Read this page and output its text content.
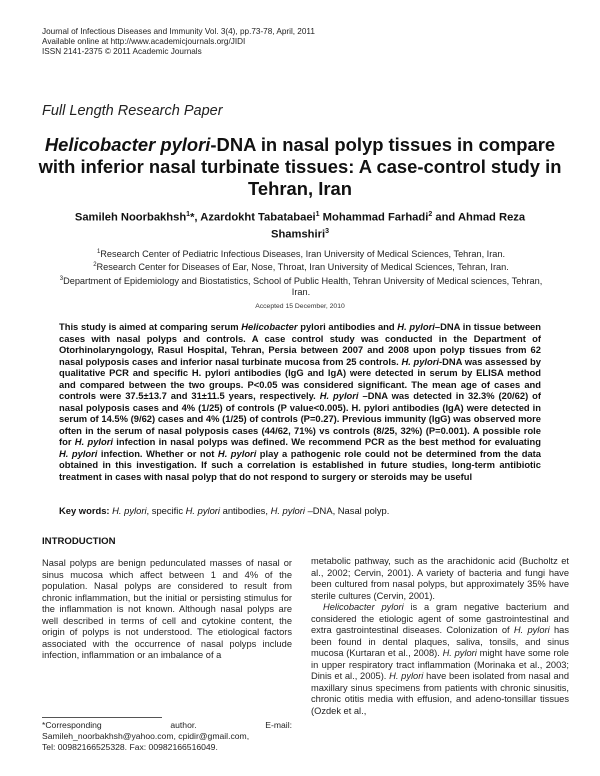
Journal of Infectious Diseases and Immunity Vol. 3(4), pp.73-78, April, 2011
Available online at http://www.academicjournals.org/JIDI
ISSN 2141-2375 © 2011 Academic Journals
Full Length Research Paper
Helicobacter pylori-DNA in nasal polyp tissues in compare with inferior nasal turbinate tissues: A case-control study in Tehran, Iran
Samileh Noorbakhsh$^1$*, Azardokht Tabatabaei$^1$ Mohammad Farhadi$^2$ and Ahmad Reza Shamshiri$^3$
$^1$Research Center of Pediatric Infectious Diseases, Iran University of Medical Sciences, Tehran, Iran.
$^2$Research Center for Diseases of Ear, Nose, Throat, Iran University of Medical Sciences, Tehran, Iran.
$^3$Department of Epidemiology and Biostatistics, School of Public Health, Tehran University of Medical sciences, Tehran, Iran.
Accepted 15 December, 2010
This study is aimed at comparing serum Helicobacter pylori antibodies and H. pylori–DNA in tissue between cases with nasal polyps and controls. A case control study was conducted in the Department of Otorhinolaryngology, Rasul Hospital, Tehran, Persia between 2007 and 2008 upon polyp tissues from 62 nasal polyposis cases and inferior nasal turbinate mucosa from 25 controls. H. pylori-DNA was assessed by qualitative PCR and specific H. pylori antibodies (IgG and IgA) were detected in serum by ELISA method and compared between the two groups. P<0.05 was considered significant. The mean age of cases and controls were 37.5±13.7 and 31±11.5 years, respectively. H. pylori –DNA was detected in 32.3% (20/62) of nasal polyposis cases and 4% (1/25) of controls (P value<0.005). H. pylori antibodies (IgA) were detected in serum of 14.5% (9/62) cases and 4% (1/25) of controls (P=0.27). Previous immunity (IgG) was observed more often in the serum of nasal polyposis cases (44/62, 71%) vs controls (8/25, 32%) (P=0.001). A possible role for H. pylori infection in nasal polyps was defined. We recommend PCR as the best method for evaluating H. pylori infection. Whether or not H. pylori play a pathogenic role could not be determined from the data obtained in this investigation. If such a correlation is established in future studies, long-term antibiotic treatment in cases with nasal polyp that do not respond to surgery or steroids may be useful
Key words: H. pylori, specific H. pylori antibodies, H. pylori –DNA, Nasal polyp.
INTRODUCTION

Nasal polyps are benign pedunculated masses of nasal or sinus mucosa which affect between 1 and 4% of the population. Nasal polyps are considered to result from chronic inflammation, but the initial or persisting stimulus for the inflammation is not known. Although nasal polyps are well described in terms of cell and cytokine content, the origin of polyps is not understood. The etiological factors associated with the occurrence of nasal polyps include infection, inflammation or an imbalance of a

metabolic pathway, such as the arachidonic acid (Bucholtz et al., 2002; Cervin, 2001). A variety of bacteria and fungi have been cultured from nasal polyps, but approximately 35% have sterile cultures (Cervin, 2001).

Helicobacter pylori is a gram negative bacterium and considered the etiologic agent of some gastrointestinal and extra gastrointestinal diseases. Colonization of H. pylori has been found in dental plaques, saliva, tonsils, and sinus mucosa (Kurtaran et al., 2008). H. pylori might have some role in upper respiratory tract inflammation (Morinaka et al., 2003; Dinis et al., 2005). H. pylori have been isolated from nasal and maxillary sinus specimens from patients with chronic sinusitis, chronic otitis media with effusion, and adeno-tonsillar tissues (Ozdek et al.,

*Corresponding	author.	E-mail:
Samileh_noorbakhsh@yahoo.com, cpidir@gmail.com,
Tel: 00982166525328. Fax: 00982166516049.
